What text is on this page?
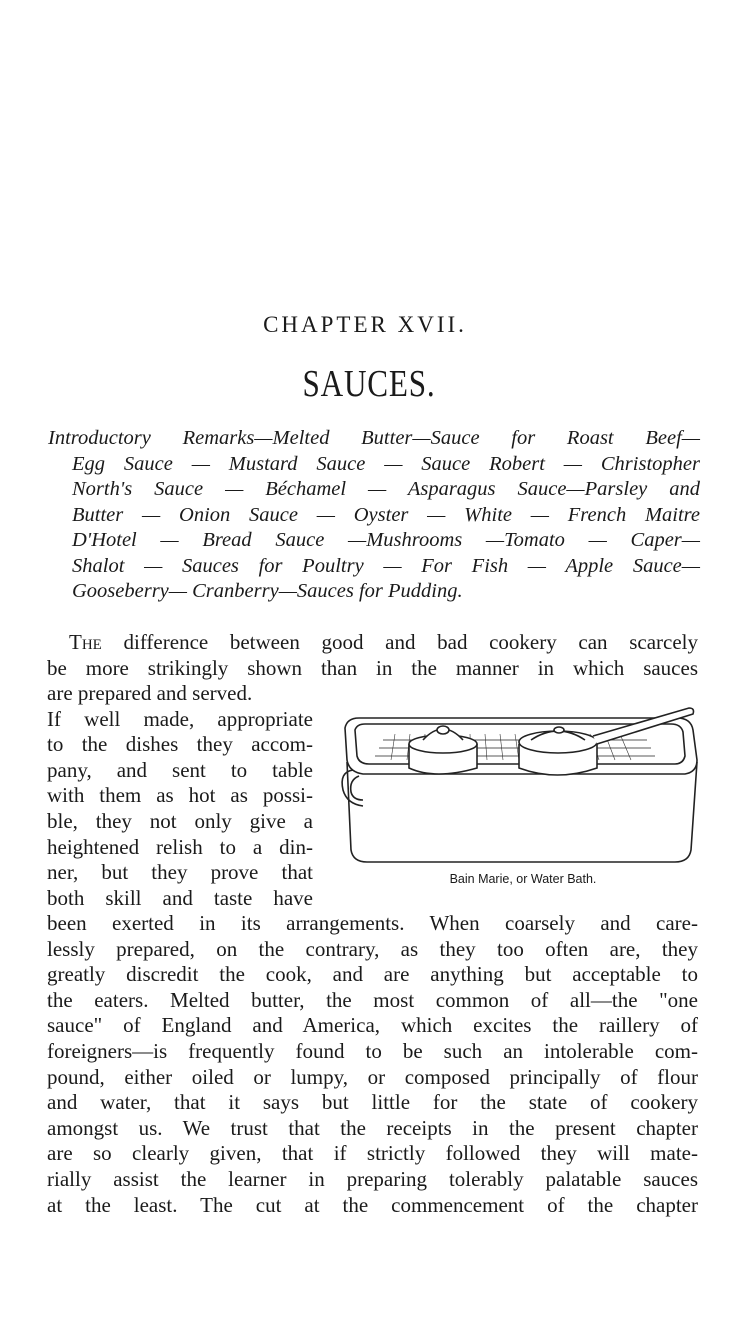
CHAPTER XVII.
SAUCES.
Introductory Remarks—Melted Butter—Sauce for Roast Beef—
Egg Sauce — Mustard Sauce — Sauce Robert — Christopher
North's Sauce — Béchamel — Asparagus Sauce—Parsley and
Butter — Onion Sauce — Oyster — White — French Maitre
D'Hotel — Bread Sauce —Mushrooms —Tomato — Caper—
Shalot — Sauces for Poultry — For Fish — Apple Sauce—
Gooseberry— Cranberry—Sauces for Pudding.
The difference between good and bad cookery can scarcely
be more strikingly shown than in the manner in which sauces
are prepared and served.
If well made, appropriate
to the dishes they accom-
pany, and sent to table
with them as hot as possi-
ble, they not only give a
heightened relish to a din-
ner, but they prove that
both skill and taste have
Bain Marie, or Water Bath.
been exerted in its arrangements. When coarsely and care-
lessly prepared, on the contrary, as they too often are, they
greatly discredit the cook, and are anything but acceptable to
the eaters. Melted butter, the most common of all—the "one
sauce" of England and America, which excites the raillery of
foreigners—is frequently found to be such an intolerable com-
pound, either oiled or lumpy, or composed principally of flour
and water, that it says but little for the state of cookery
amongst us. We trust that the receipts in the present chapter
are so clearly given, that if strictly followed they will mate-
rially assist the learner in preparing tolerably palatable sauces
at the least. The cut at the commencement of the chapter
